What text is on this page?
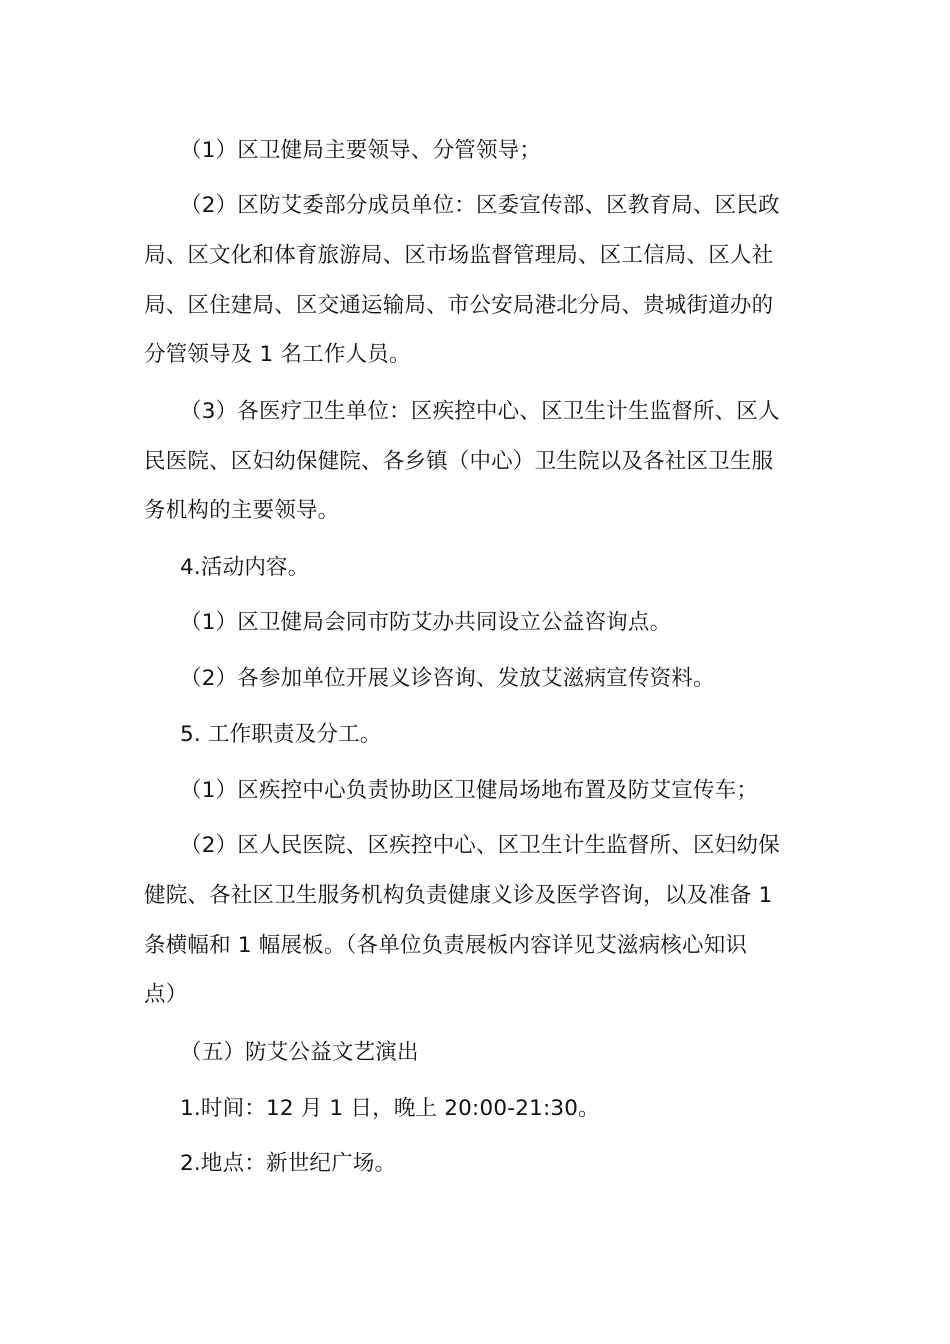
（1）区卫健局主要领导、分管领导；

（2）区防艾委部分成员单位：区委宣传部、区教育局、区民政

局、区文化和体育旅游局、区市场监督管理局、区工信局、区人社

局、区住建局、区交通运输局、市公安局港北分局、贵城街道办的

分管领导及 1 名工作人员。

（3）各医疗卫生单位：区疾控中心、区卫生计生监督所、区人

民医院、区妇幼保健院、各乡镇（中心）卫生院以及各社区卫生服

务机构的主要领导。

4.活动内容。

（1）区卫健局会同市防艾办共同设立公益咨询点。

（2）各参加单位开展义诊咨询、发放艾滋病宣传资料。

5. 工作职责及分工。

（1）区疾控中心负责协助区卫健局场地布置及防艾宣传车；

（2）区人民医院、区疾控中心、区卫生计生监督所、区妇幼保

健院、各社区卫生服务机构负责健康义诊及医学咨询，以及准备 1

条横幅和 1 幅展板。（各单位负责展板内容详见艾滋病核心知识

点）

（五）防艾公益文艺演出

1.时间：12 月 1 日，晚上 20:00-21:30。

2.地点：新世纪广场。
